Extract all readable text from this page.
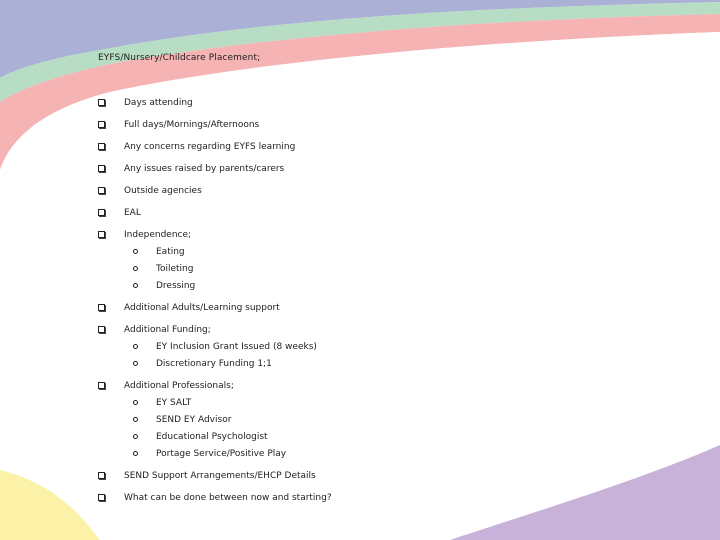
EYFS/Nursery/Childcare Placement;
Days attending
Full days/Mornings/Afternoons
Any concerns regarding EYFS learning
Any issues raised by parents/carers
Outside agencies
EAL
Independence;
Eating
Toileting
Dressing
Additional Adults/Learning support
Additional Funding;
EY Inclusion Grant Issued (8 weeks)
Discretionary Funding 1;1
Additional Professionals;
EY SALT
SEND EY Advisor
Educational Psychologist
Portage Service/Positive Play
SEND Support Arrangements/EHCP Details
What can be done between now and starting?
